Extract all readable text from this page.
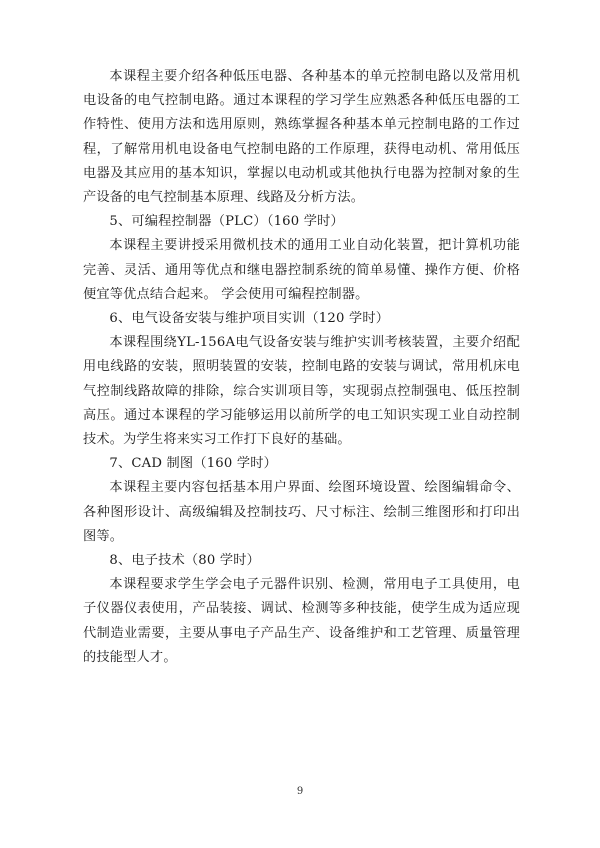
本课程主要介绍各种低压电器、各种基本的单元控制电路以及常用机电设备的电气控制电路。通过本课程的学习学生应熟悉各种低压电器的工作特性、使用方法和选用原则，熟练掌握各种基本单元控制电路的工作过程，了解常用机电设备电气控制电路的工作原理，获得电动机、常用低压电器及其应用的基本知识，掌握以电动机或其他执行电器为控制对象的生产设备的电气控制基本原理、线路及分析方法。

5、可编程控制器（PLC）（160 学时）

本课程主要讲授采用微机技术的通用工业自动化装置，把计算机功能完善、灵活、通用等优点和继电器控制系统的简单易懂、操作方便、价格便宜等优点结合起来。 学会使用可编程控制器。

6、电气设备安装与维护项目实训（120 学时）

本课程围绕YL-156A电气设备安装与维护实训考核装置，主要介绍配用电线路的安装，照明装置的安装，控制电路的安装与调试，常用机床电气控制线路故障的排除，综合实训项目等，实现弱点控制强电、低压控制高压。通过本课程的学习能够运用以前所学的电工知识实现工业自动控制技术。为学生将来实习工作打下良好的基础。

7、CAD 制图（160 学时）

本课程主要内容包括基本用户界面、绘图环境设置、绘图编辑命令、各种图形设计、高级编辑及控制技巧、尺寸标注、绘制三维图形和打印出图等。

8、电子技术（80 学时）

本课程要求学生学会电子元器件识别、检测，常用电子工具使用，电子仪器仪表使用，产品装接、调试、检测等多种技能，使学生成为适应现代制造业需要，主要从事电子产品生产、设备维护和工艺管理、质量管理的技能型人才。

9
